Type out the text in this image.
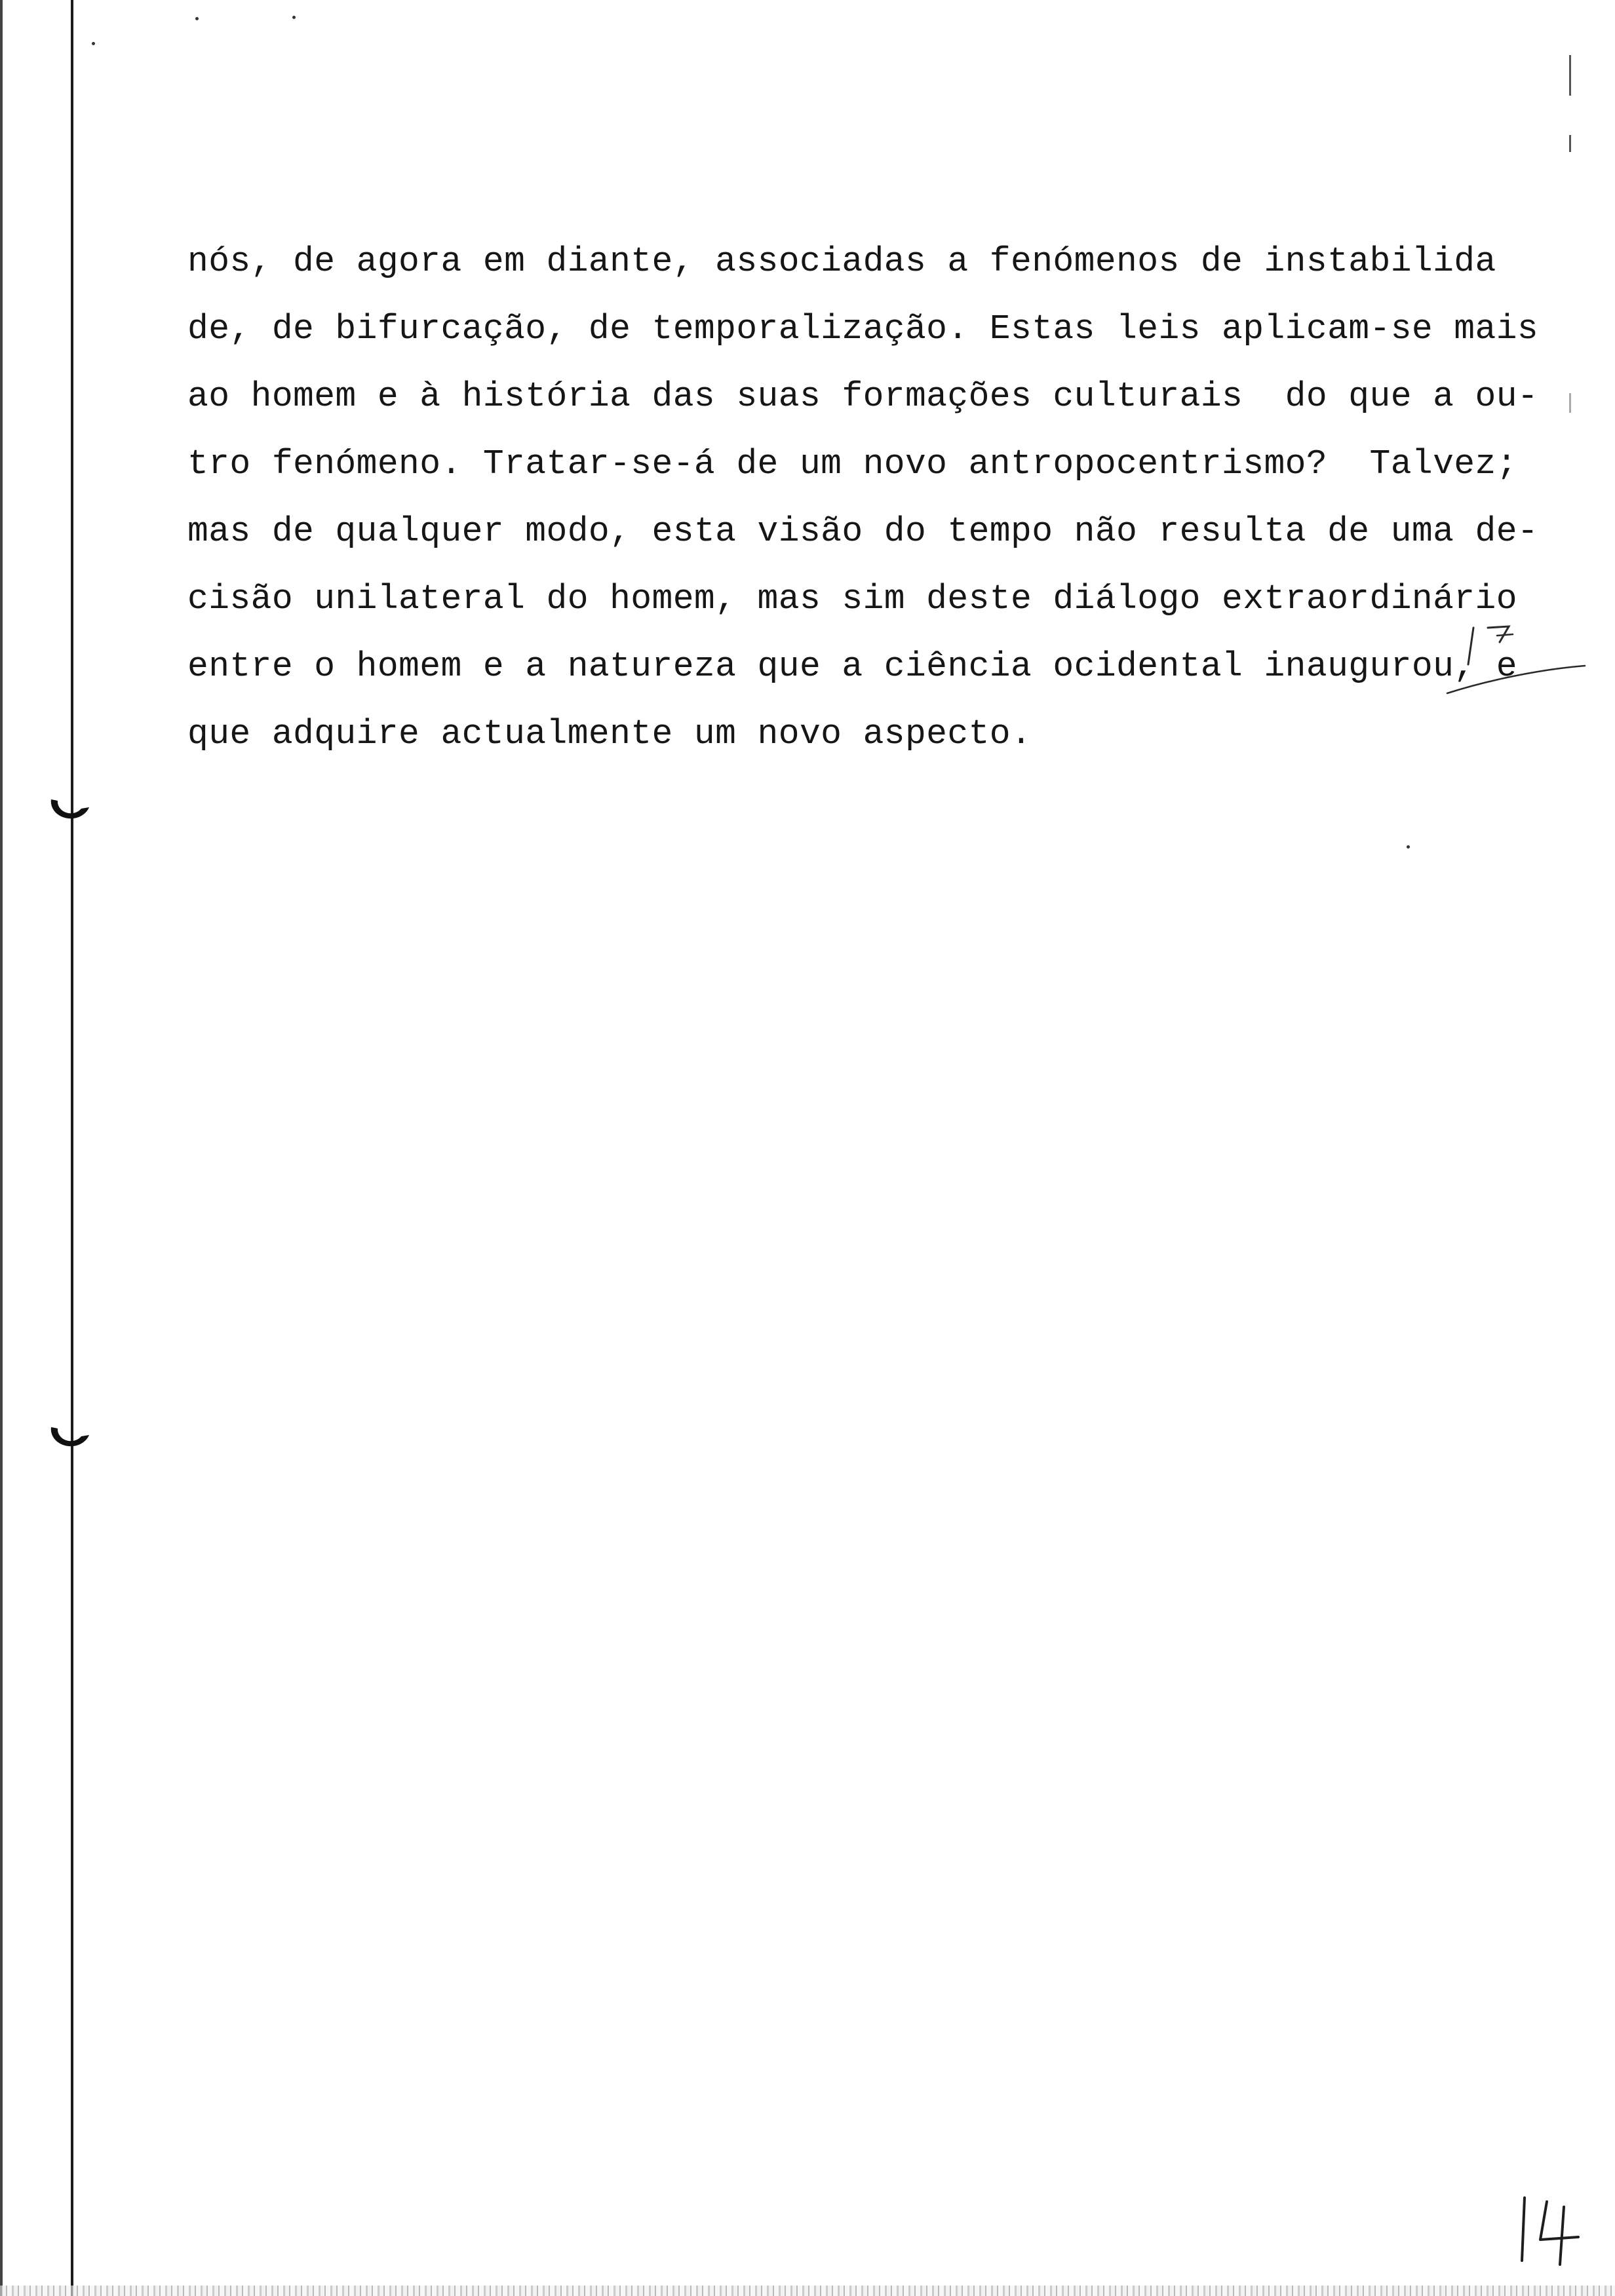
nós, de agora em diante, associadas a fenómenos de instabilida
de, de bifurcação, de temporalização. Estas leis aplicam-se mais
ao homem e à história das suas formações culturais  do que a ou-
tro fenómeno. Tratar-se-á de um novo antropocentrismo?  Talvez;
mas de qualquer modo, esta visão do tempo não resulta de uma de-
cisão unilateral do homem, mas sim deste diálogo extraordinário
entre o homem e a natureza que a ciência ocidental inaugurou, e
que adquire actualmente um novo aspecto.
